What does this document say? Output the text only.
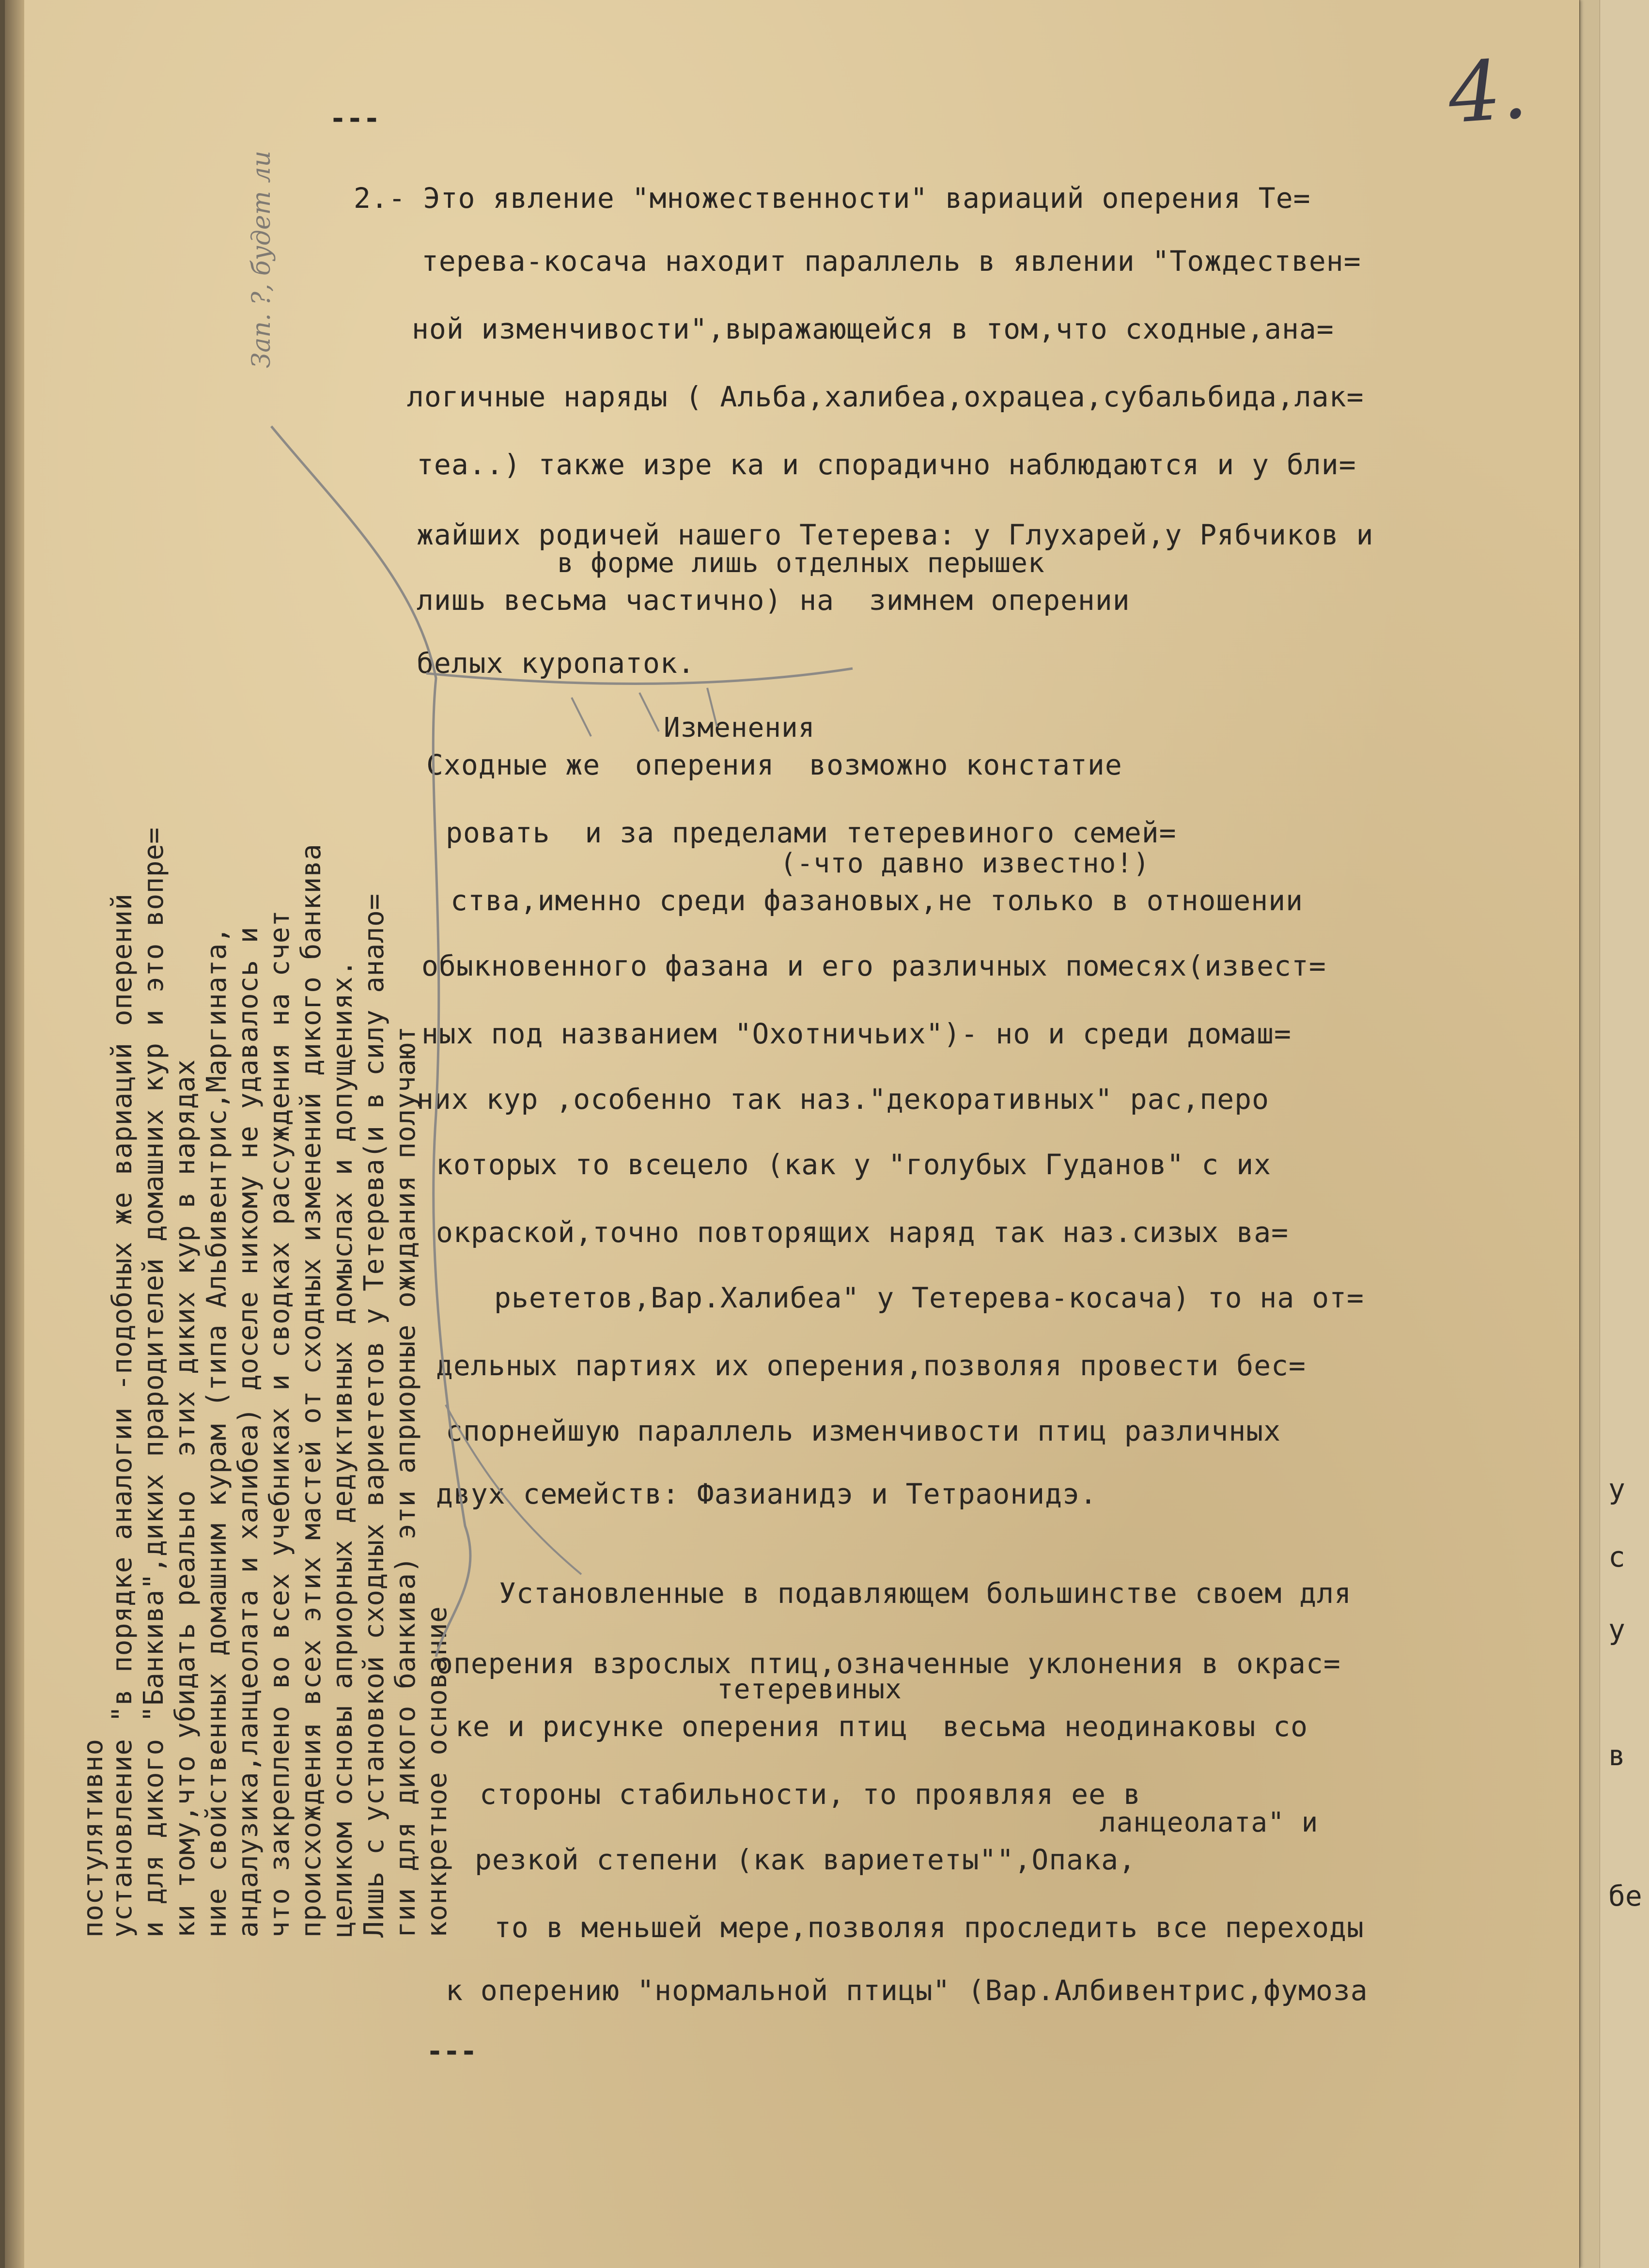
у
с
у
в
бе
4.
---
2.- Это явление "множественности" вариаций оперения Те=
терева-косача находит параллель в явлении "Тождествен=
ной изменчивости",выражающейся в том,что сходные,ана=
логичные наряды ( Альба,халибеа,охрацеа,субальбида,лак=
теа..) также изре ка и спорадично наблюдаются и у бли=
жайших родичей нашего Тетерева: у Глухарей,у Рябчиков и
в форме лишь отделных перышек
лишь весьма частично) на  зимнем оперении
белых куропаток.
Изменения
Сходные же  оперения  возможно констатие
ровать  и за пределами тетеревиного семей=
(-что давно известно!)
ства,именно среди фазановых,не только в отношении
обыкновенного фазана и его различных помесях(извест=
ных под названием "Охотничьих")- но и среди домаш=
них кур ,особенно так наз."декоративных" рас,перо
которых то всецело (как у "голубых Гуданов" с их
окраской,точно повторящих наряд так наз.сизых ва=
рьететов,Вар.Халибеа" у Тетерева-косача) то на от=
дельных партиях их оперения,позволяя провести бес=
спорнейшую параллель изменчивости птиц различных
двух семейств: Фазианидэ и Тетраонидэ.
Установленные в подавляющем большинстве своем для
оперения взрослых птиц,означенные уклонения в окрас=
тетеревиных
ке и рисунке оперения птиц  весьма неодинаковы со
стороны стабильности, то проявляя ее в
ланцеолата" и
резкой степени (как вариететы"",Опака,
то в меньшей мере,позволяя проследить все переходы
к оперению "нормальной птицы" (Вар.Албивентрис,фумоза
---
постулятивно
установление "в порядке аналогии -подобных же вариаций оперений и для дикого "Банкива",диких прародителей домашних кур и это вопре= ки тому,что убидать реально  этих диких кур в нарядах ние свойственных домашним курам (типа Альбивентрис,Маргината, андалузика,ланцеолата и халибеа) доселе никому не удавалось и что закреплено во всех учебниках и сводках рассуждения на счет происхождения всех этих мастей от сходных изменений дикого банкива целиком основы априорных дедуктивных домыслах и допущениях. Лишь с установкой сходных вариететов у Тетерева(и в силу анало= гии для дикого банкива) эти априорные ожидания получают конкретное основание
Зап. ?, будет ли
